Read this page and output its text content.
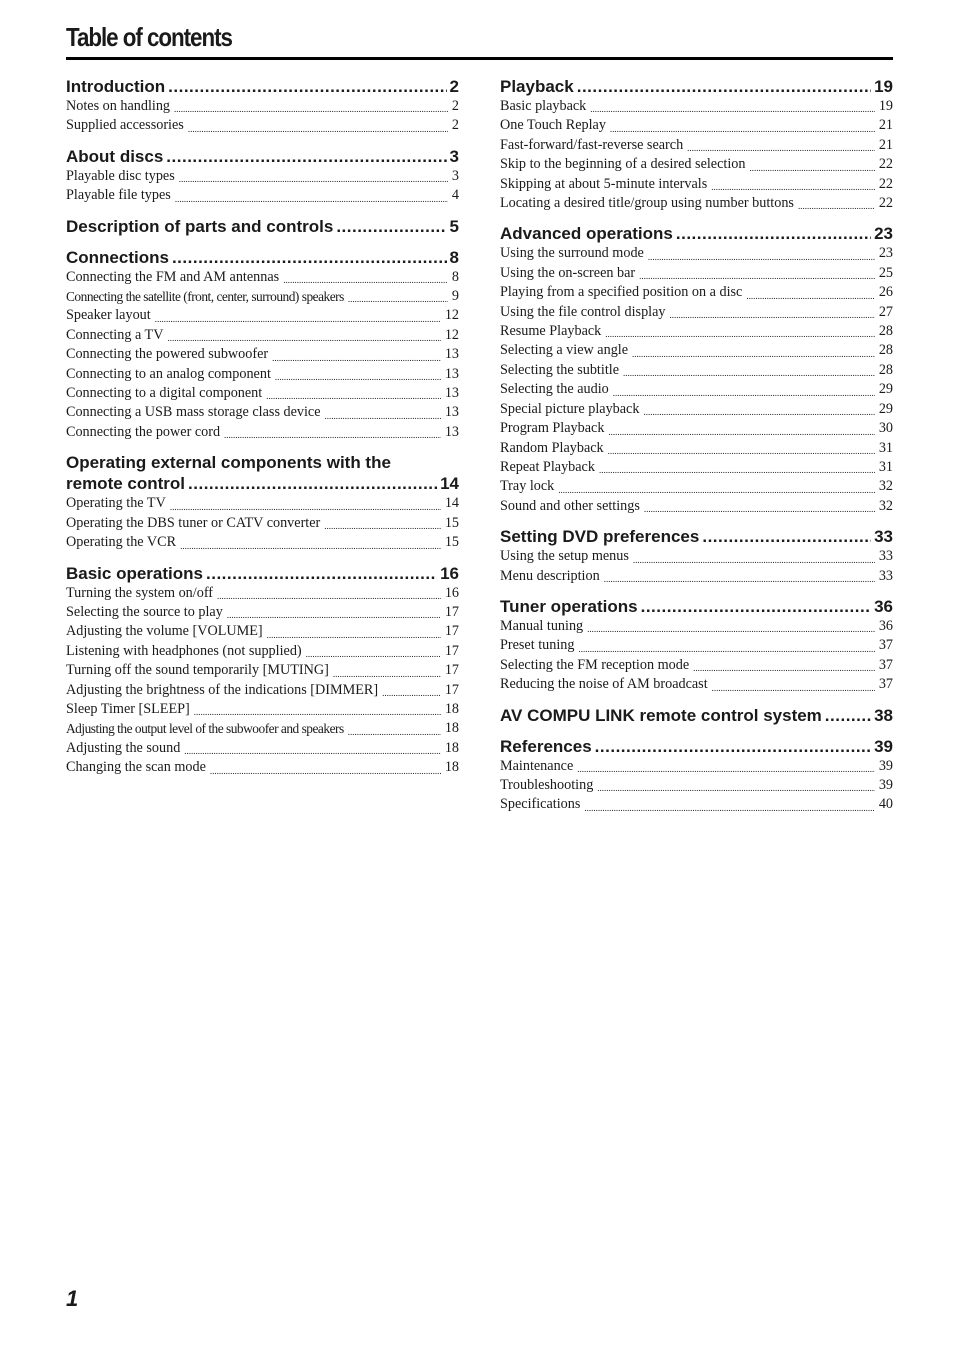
Table of contents
Introduction .....	2
Notes on handling .....	2
Supplied accessories .....	2
About discs .....	3
Playable disc types .....	3
Playable file types .....	4
Description of parts and controls .....	5
Connections .....	8
Connecting the FM and AM antennas .....	8
Connecting the satellite (front, center, surround) speakers .....	9
Speaker layout .....	12
Connecting a TV .....	12
Connecting the powered subwoofer .....	13
Connecting to an analog component .....	13
Connecting to a digital component .....	13
Connecting a USB mass storage class device .....	13
Connecting the power cord .....	13
Operating external components with the
remote control .....	14
Operating the TV .....	14
Operating the DBS tuner or CATV converter .....	15
Operating the VCR .....	15
Basic operations .....	16
Turning the system on/off .....	16
Selecting the source to play .....	17
Adjusting the volume [VOLUME] .....	17
Listening with headphones (not supplied) .....	17
Turning off the sound temporarily [MUTING] .....	17
Adjusting the brightness of the indications [DIMMER] .....	17
Sleep Timer [SLEEP] .....	18
Adjusting the output level of the subwoofer and speakers .....	18
Adjusting the sound .....	18
Changing the scan mode .....	18
Playback .....	19
Basic playback .....	19
One Touch Replay .....	21
Fast-forward/fast-reverse search .....	21
Skip to the beginning of a desired selection .....	22
Skipping at about 5-minute intervals .....	22
Locating a desired title/group using number buttons .....	22
Advanced operations .....	23
Using the surround mode .....	23
Using the on-screen bar .....	25
Playing from a specified position on a disc .....	26
Using the file control display .....	27
Resume Playback .....	28
Selecting a view angle .....	28
Selecting the subtitle .....	28
Selecting the audio .....	29
Special picture playback .....	29
Program Playback .....	30
Random Playback .....	31
Repeat Playback .....	31
Tray lock .....	32
Sound and other settings .....	32
Setting DVD preferences .....	33
Using the setup menus .....	33
Menu description .....	33
Tuner operations .....	36
Manual tuning .....	36
Preset tuning .....	37
Selecting the FM reception mode .....	37
Reducing the noise of AM broadcast .....	37
AV COMPU LINK remote control system .....	38
References .....	39
Maintenance .....	39
Troubleshooting .....	39
Specifications .....	40

1
